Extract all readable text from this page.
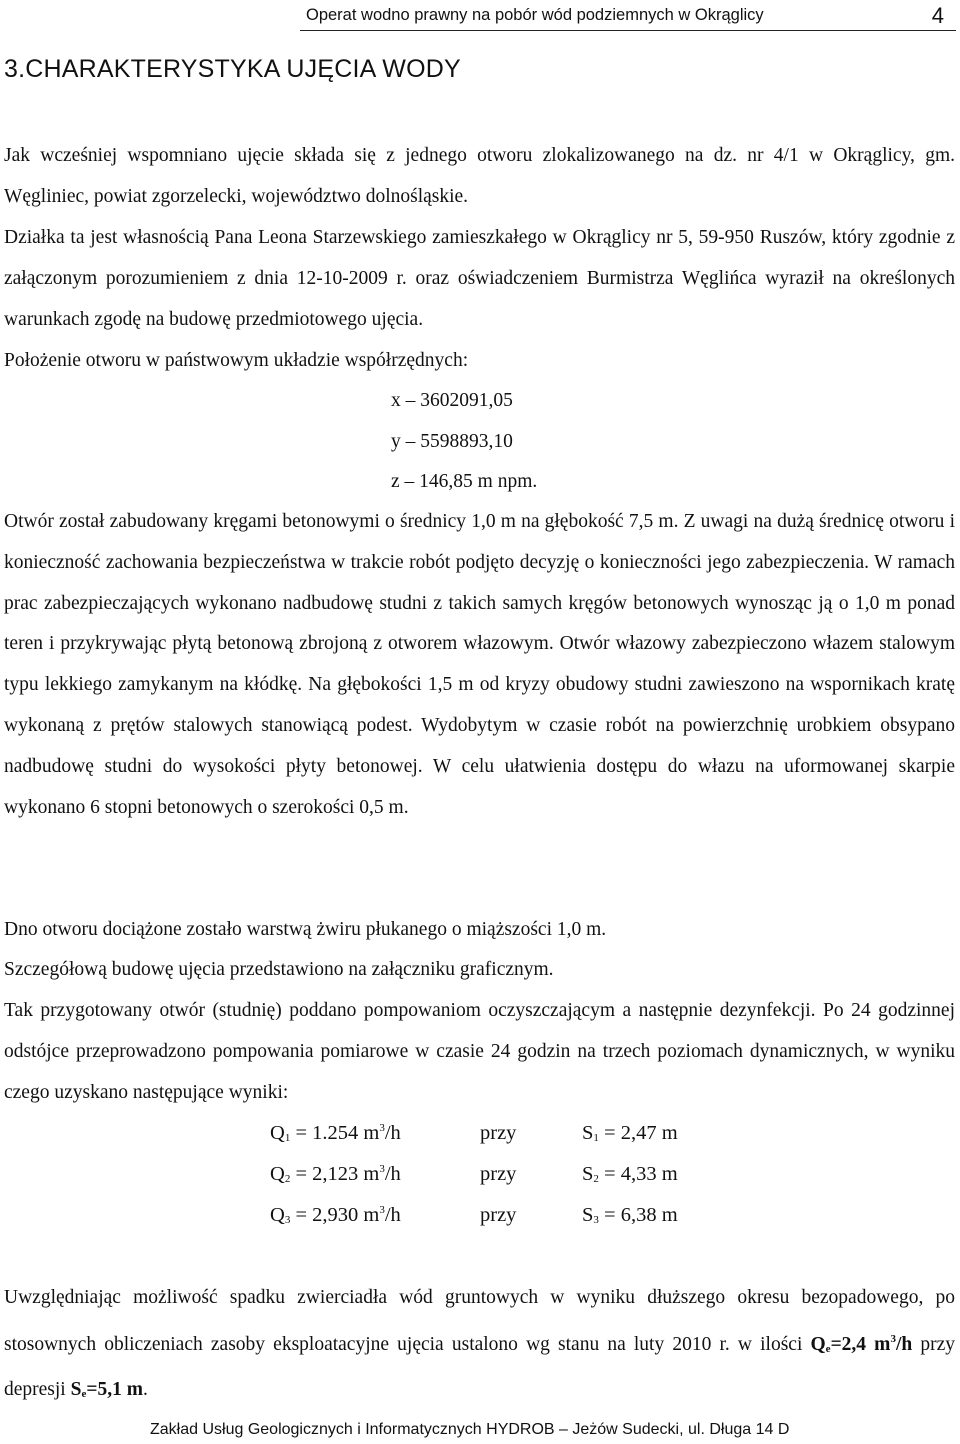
Operat wodno prawny na pobór wód podziemnych w Okrąglicy	4
3.CHARAKTERYSTYKA UJĘCIA WODY

Jak wcześniej wspomniano ujęcie składa się z jednego otworu zlokalizowanego na dz. nr 4/1 w Okrąglicy, gm. Węgliniec, powiat zgorzelecki, województwo dolnośląskie.

Działka ta jest własnością Pana Leona Starzewskiego zamieszkałego w Okrąglicy nr 5, 59-950 Ruszów, który zgodnie z załączonym porozumieniem z dnia 12-10-2009 r. oraz oświadczeniem Burmistrza Węglińca wyraził na określonych warunkach zgodę na budowę przedmiotowego ujęcia.

Położenie otworu w państwowym układzie współrzędnych:

x – 3602091,05
y – 5598893,10
z – 146,85 m npm.

Otwór został zabudowany kręgami betonowymi o średnicy 1,0 m na głębokość 7,5 m. Z uwagi na dużą średnicę otworu i konieczność zachowania bezpieczeństwa w trakcie robót podjęto decyzję o konieczności jego zabezpieczenia. W ramach prac zabezpieczających wykonano nadbudowę studni z takich samych kręgów betonowych wynosząc ją o 1,0 m ponad teren i przykrywając płytą betonową zbrojoną z otworem włazowym. Otwór włazowy zabezpieczono włazem stalowym typu lekkiego zamykanym na kłódkę. Na głębokości 1,5 m od kryzy obudowy studni zawieszono na wspornikach kratę wykonaną z prętów stalowych stanowiącą podest. Wydobytym w czasie robót na powierzchnię urobkiem obsypano nadbudowę studni do wysokości płyty betonowej. W celu ułatwienia dostępu do włazu na uformowanej skarpie wykonano 6 stopni betonowych o szerokości 0,5 m.

Dno otworu dociążone zostało warstwą żwiru płukanego o miąższości 1,0 m.

Szczegółową budowę ujęcia przedstawiono na załączniku graficznym.

Tak przygotowany otwór (studnię) poddano pompowaniom oczyszczającym a następnie dezynfekcji. Po 24 godzinnej odstójce przeprowadzono pompowania pomiarowe w czasie 24 godzin na trzech poziomach dynamicznych, w wyniku czego uzyskano następujące wyniki:

$Q_1 = 1.254$ $m^3/h$	przy	$S_1 = 2,47$ m
$Q_2 = 2,123$ $m^3/h$	przy	$S_2 = 4,33$ m
$Q_3 = 2,930$ $m^3/h$	przy	$S_3 = 6,38$ m

Uwzględniając możliwość spadku zwierciadła wód gruntowych w wyniku dłuższego okresu bezopadowego, po stosownych obliczeniach zasoby eksploatacyjne ujęcia ustalono wg stanu na luty 2010 r. w ilości $Q_e=2,4$ $m^3/h$ przy depresji $S_e=5,1$ m.

Zakład Usług Geologicznych i Informatycznych HYDROB – Jeżów Sudecki, ul. Długa 14 D
